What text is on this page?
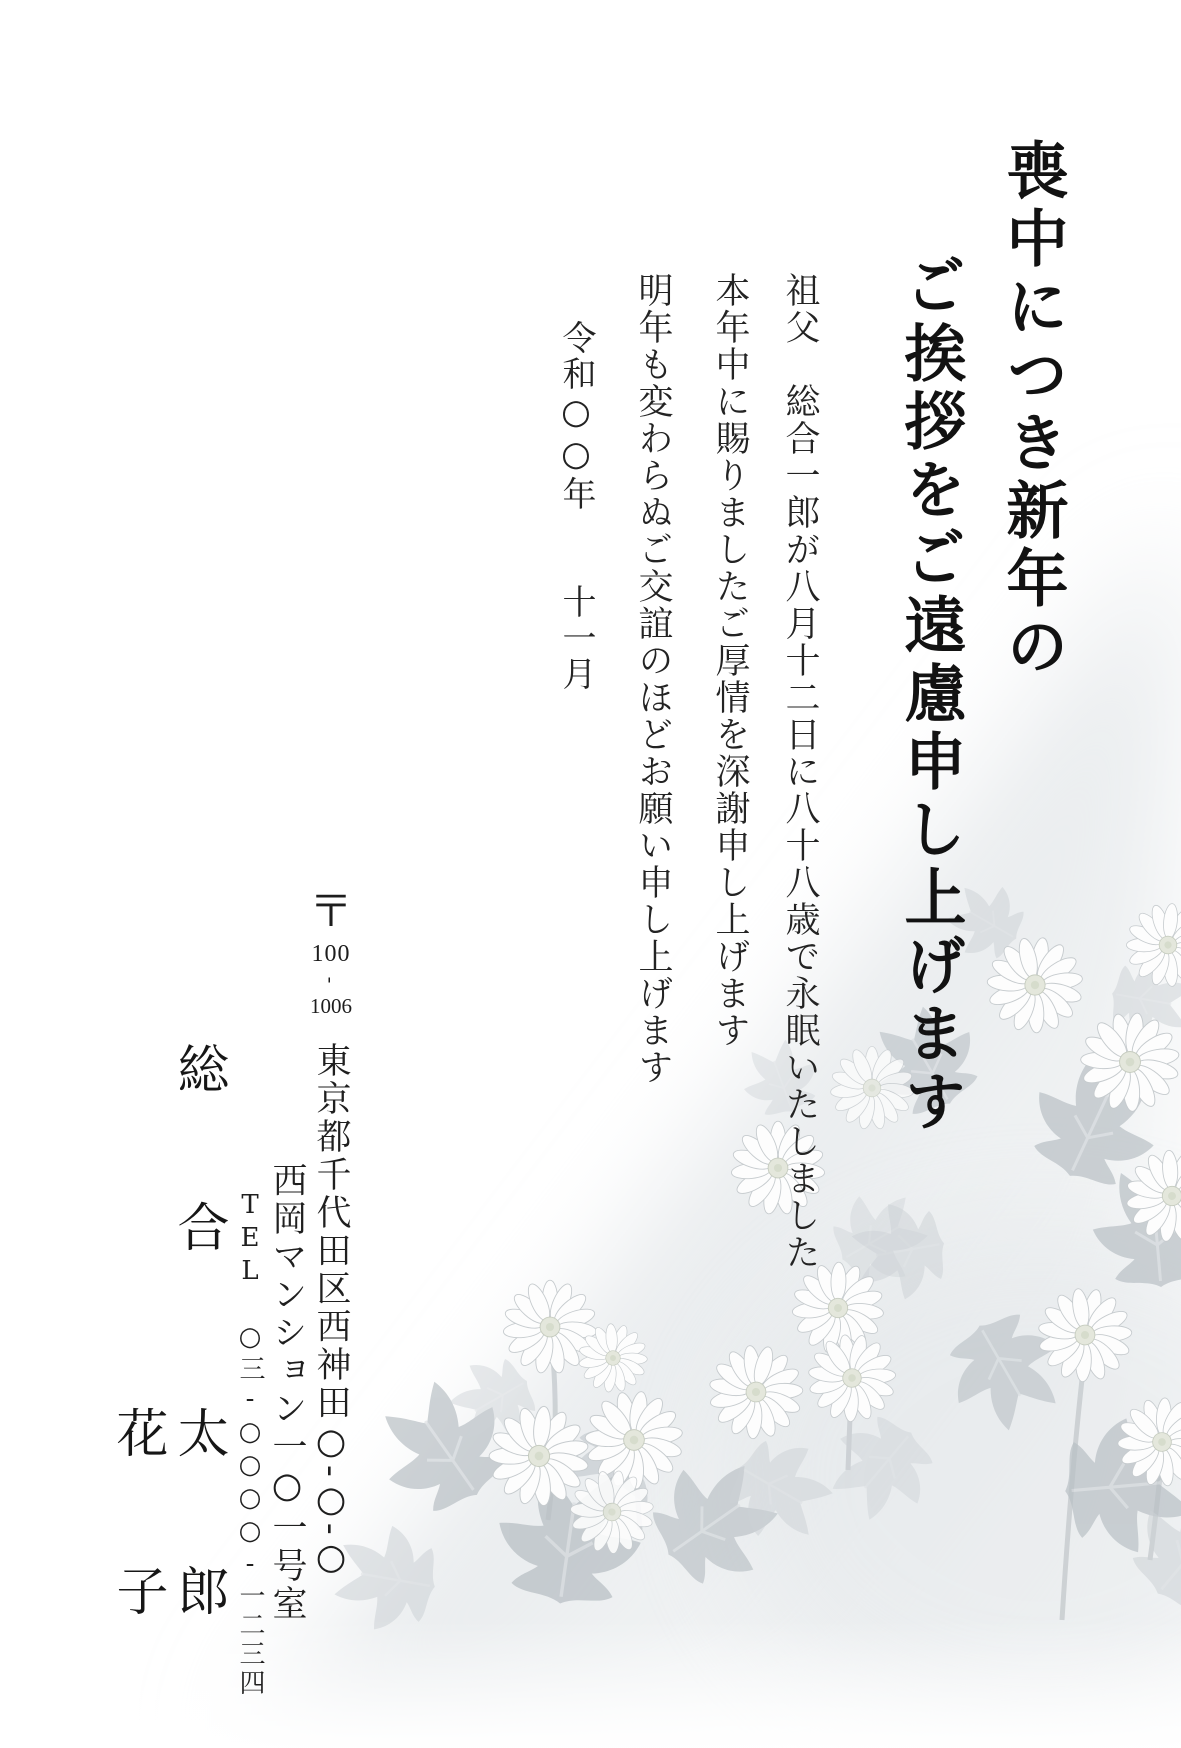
喪中につき新年の
ご挨拶をご遠慮申し上げます
祖父　総合一郎が八月十二日に八十八歳で永眠いたしました
本年中に賜りましたご厚情を深謝申し上げます
明年も変わらぬご交誼のほどお願い申し上げます
令和○○年　　十一月
〒
100
-
1006
東京都千代田区西神田○-○-○
西岡マンション一○一号室
TEL ○三-○○○○-一二三四
総合
太郎
花子
